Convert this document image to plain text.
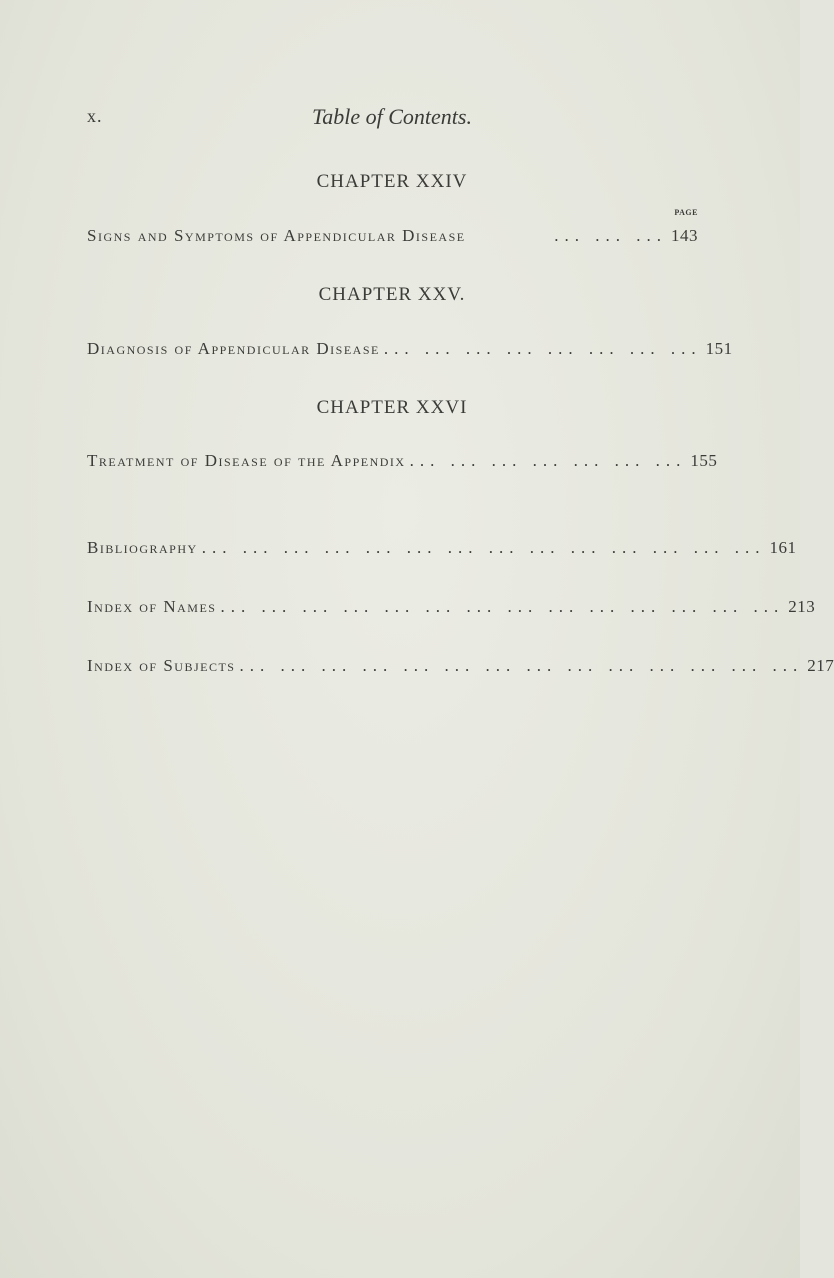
x.	Table of Contents.
CHAPTER XXIV
PAGE
Signs and Symptoms of Appendicular Disease	... ... ... 143
CHAPTER XXV.
Diagnosis of Appendicular Disease ... ... ... ... ... ... ... ... 151
CHAPTER XXVI
Treatment of Disease of the Appendix ... ... ... ... ... ... ... 155
Bibliography ... ... ... ... ... ... ... ... ... ... ... ... ... ... 161
Index of Names ... ... ... ... ... ... ... ... ... ... ... ... ... ... 213
Index of Subjects ... ... ... ... ... ... ... ... ... ... ... ... ... ... 217
